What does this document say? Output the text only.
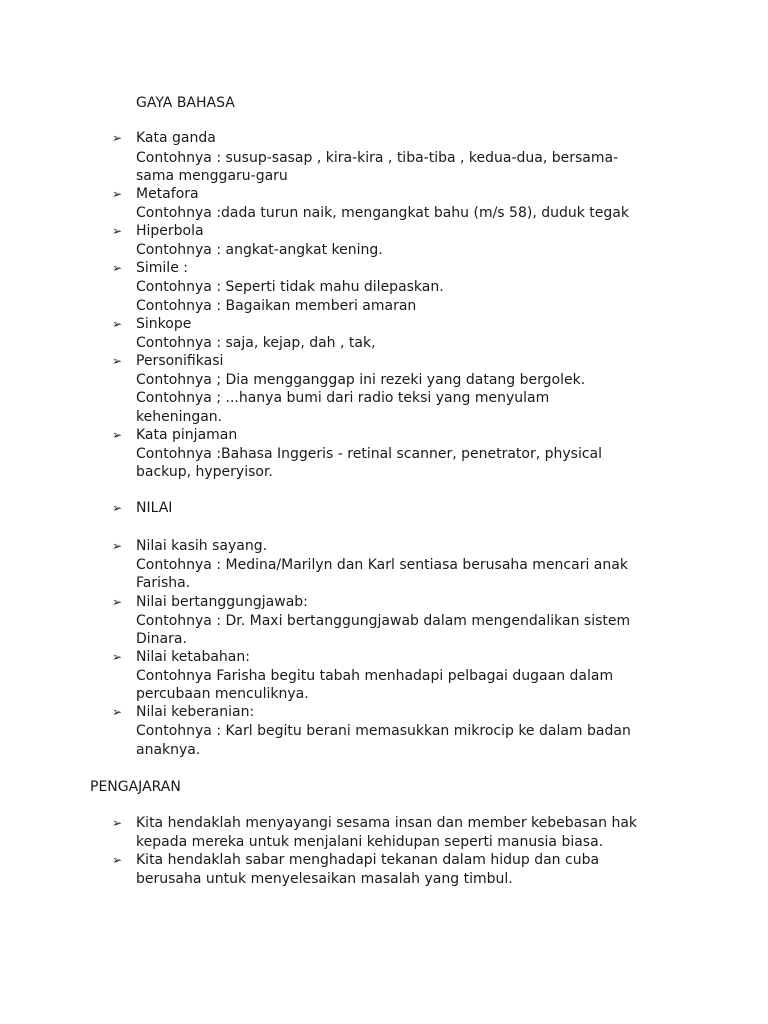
GAYA BAHASA
➢ Kata ganda
Contohnya : susup-sasap , kira-kira , tiba-tiba , kedua-dua, bersama-
sama menggaru-garu
➢ Metafora
Contohnya :dada turun naik, mengangkat bahu (m/s 58), duduk tegak
➢ Hiperbola
Contohnya : angkat-angkat kening.
➢ Simile :
Contohnya : Seperti tidak mahu dilepaskan.
Contohnya : Bagaikan memberi amaran
➢ Sinkope
Contohnya : saja, kejap, dah , tak,
➢ Personifikasi
Contohnya ; Dia mengganggap ini rezeki yang datang bergolek.
Contohnya ; ...hanya bumi dari radio teksi yang menyulam
keheningan.
➢ Kata pinjaman
Contohnya :Bahasa Inggeris - retinal scanner, penetrator, physical
backup, hyperyisor.
➢ NILAI
➢ Nilai kasih sayang.
Contohnya : Medina/Marilyn dan Karl sentiasa berusaha mencari anak
Farisha.
➢ Nilai bertanggungjawab:
Contohnya : Dr. Maxi bertanggungjawab dalam mengendalikan sistem
Dinara.
➢ Nilai ketabahan:
Contohnya Farisha begitu tabah menhadapi pelbagai dugaan dalam
percubaan menculiknya.
➢ Nilai keberanian:
Contohnya : Karl begitu berani memasukkan mikrocip ke dalam badan
anaknya.
PENGAJARAN
➢ Kita hendaklah menyayangi sesama insan dan member kebebasan hak
kepada mereka untuk menjalani kehidupan seperti manusia biasa.
➢ Kita hendaklah sabar menghadapi tekanan dalam hidup dan cuba
berusaha untuk menyelesaikan masalah yang timbul.
